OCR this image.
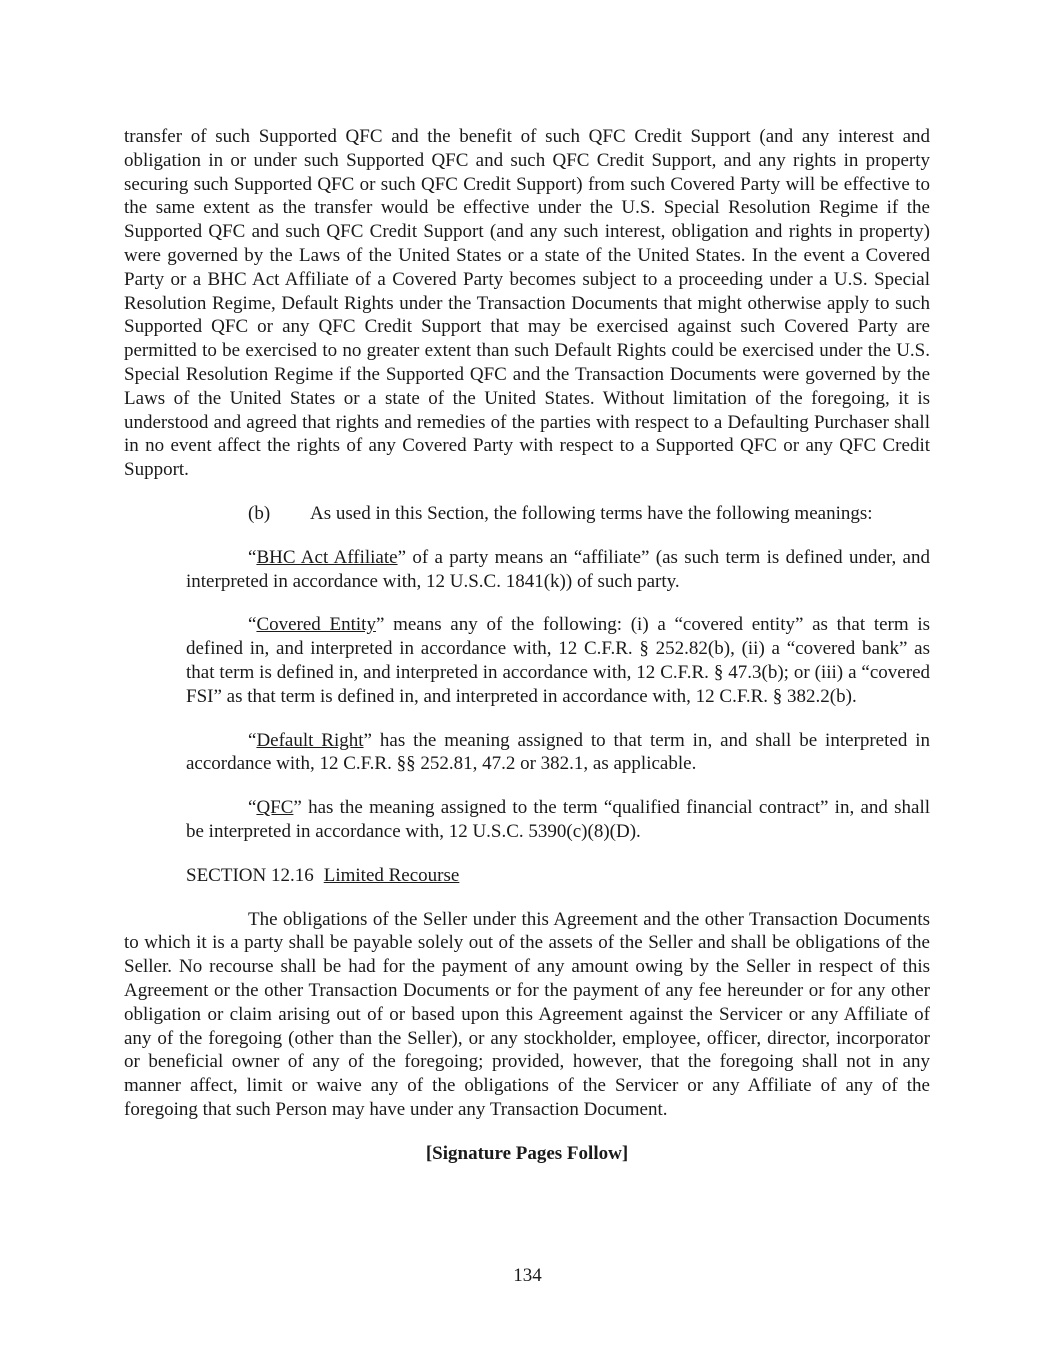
transfer of such Supported QFC and the benefit of such QFC Credit Support (and any interest and obligation in or under such Supported QFC and such QFC Credit Support, and any rights in property securing such Supported QFC or such QFC Credit Support) from such Covered Party will be effective to the same extent as the transfer would be effective under the U.S. Special Resolution Regime if the Supported QFC and such QFC Credit Support (and any such interest, obligation and rights in property) were governed by the Laws of the United States or a state of the United States. In the event a Covered Party or a BHC Act Affiliate of a Covered Party becomes subject to a proceeding under a U.S. Special Resolution Regime, Default Rights under the Transaction Documents that might otherwise apply to such Supported QFC or any QFC Credit Support that may be exercised against such Covered Party are permitted to be exercised to no greater extent than such Default Rights could be exercised under the U.S. Special Resolution Regime if the Supported QFC and the Transaction Documents were governed by the Laws of the United States or a state of the United States. Without limitation of the foregoing, it is understood and agreed that rights and remedies of the parties with respect to a Defaulting Purchaser shall in no event affect the rights of any Covered Party with respect to a Supported QFC or any QFC Credit Support.

(b) As used in this Section, the following terms have the following meanings:

“BHC Act Affiliate” of a party means an “affiliate” (as such term is defined under, and interpreted in accordance with, 12 U.S.C. 1841(k)) of such party.

“Covered Entity” means any of the following: (i) a “covered entity” as that term is defined in, and interpreted in accordance with, 12 C.F.R. § 252.82(b), (ii) a “covered bank” as that term is defined in, and interpreted in accordance with, 12 C.F.R. § 47.3(b); or (iii) a “covered FSI” as that term is defined in, and interpreted in accordance with, 12 C.F.R. § 382.2(b).

“Default Right” has the meaning assigned to that term in, and shall be interpreted in accordance with, 12 C.F.R. §§ 252.81, 47.2 or 382.1, as applicable.

“QFC” has the meaning assigned to the term “qualified financial contract” in, and shall be interpreted in accordance with, 12 U.S.C. 5390(c)(8)(D).

SECTION 12.16 Limited Recourse

The obligations of the Seller under this Agreement and the other Transaction Documents to which it is a party shall be payable solely out of the assets of the Seller and shall be obligations of the Seller. No recourse shall be had for the payment of any amount owing by the Seller in respect of this Agreement or the other Transaction Documents or for the payment of any fee hereunder or for any other obligation or claim arising out of or based upon this Agreement against the Servicer or any Affiliate of any of the foregoing (other than the Seller), or any stockholder, employee, officer, director, incorporator or beneficial owner of any of the foregoing; provided, however, that the foregoing shall not in any manner affect, limit or waive any of the obligations of the Servicer or any Affiliate of any of the foregoing that such Person may have under any Transaction Document.

[Signature Pages Follow]

134
